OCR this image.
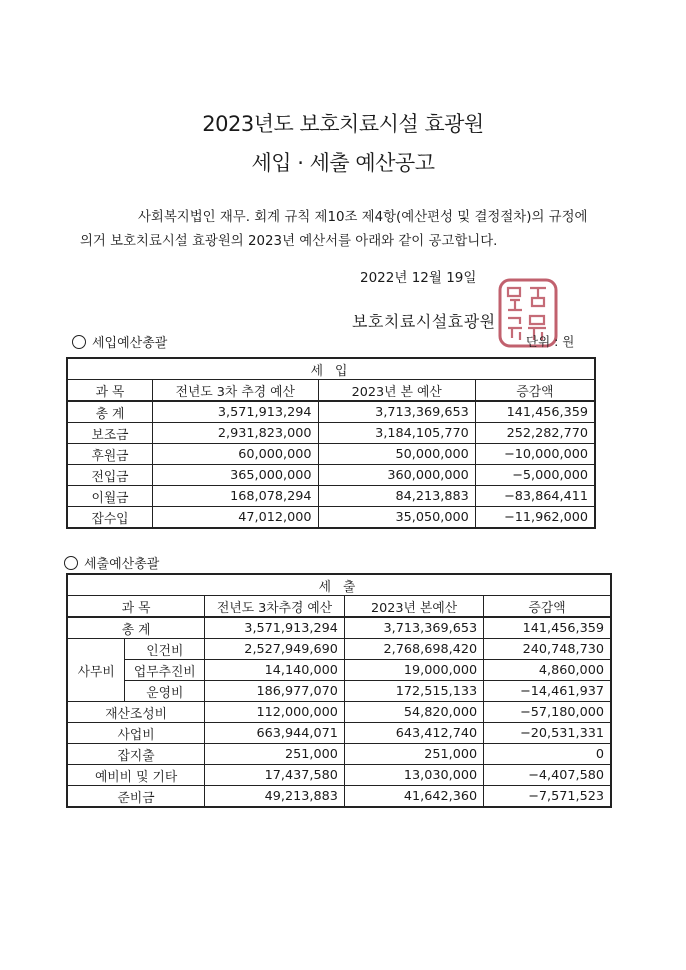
2023년도 보호치료시설 효광원
세입 · 세출 예산공고
사회복지법인 재무. 회계 규칙 제10조 제4항(예산편성 및 결정절차)의 규정에
의거 보호치료시설 효광원의 2023년 예산서를 아래와 같이 공고합니다.
2022년 12월 19일
보호치료시설효광원
세입예산총괄	단위 : 원
세 입			
과 목	전년도 3차 추경 예산	2023년 본 예산	증감액
총 계	3,571,913,294	3,713,369,653	141,456,359
보조금	2,931,823,000	3,184,105,770	252,282,770
후원금	60,000,000	50,000,000	−10,000,000
전입금	365,000,000	360,000,000	−5,000,000
이월금	168,078,294	84,213,883	−83,864,411
잡수입	47,012,000	35,050,000	−11,962,000
세출예산총괄
세 출				
과 목		전년도 3차추경 예산	2023년 본예산	증감액
총 계		3,571,913,294	3,713,369,653	141,456,359
사무비	인건비	2,527,949,690	2,768,698,420	240,748,730
	업무추진비	14,140,000	19,000,000	4,860,000
	운영비	186,977,070	172,515,133	−14,461,937
재산조성비		112,000,000	54,820,000	−57,180,000
사업비		663,944,071	643,412,740	−20,531,331
잡지출		251,000	251,000	0
예비비 및 기타		17,437,580	13,030,000	−4,407,580
준비금		49,213,883	41,642,360	−7,571,523
